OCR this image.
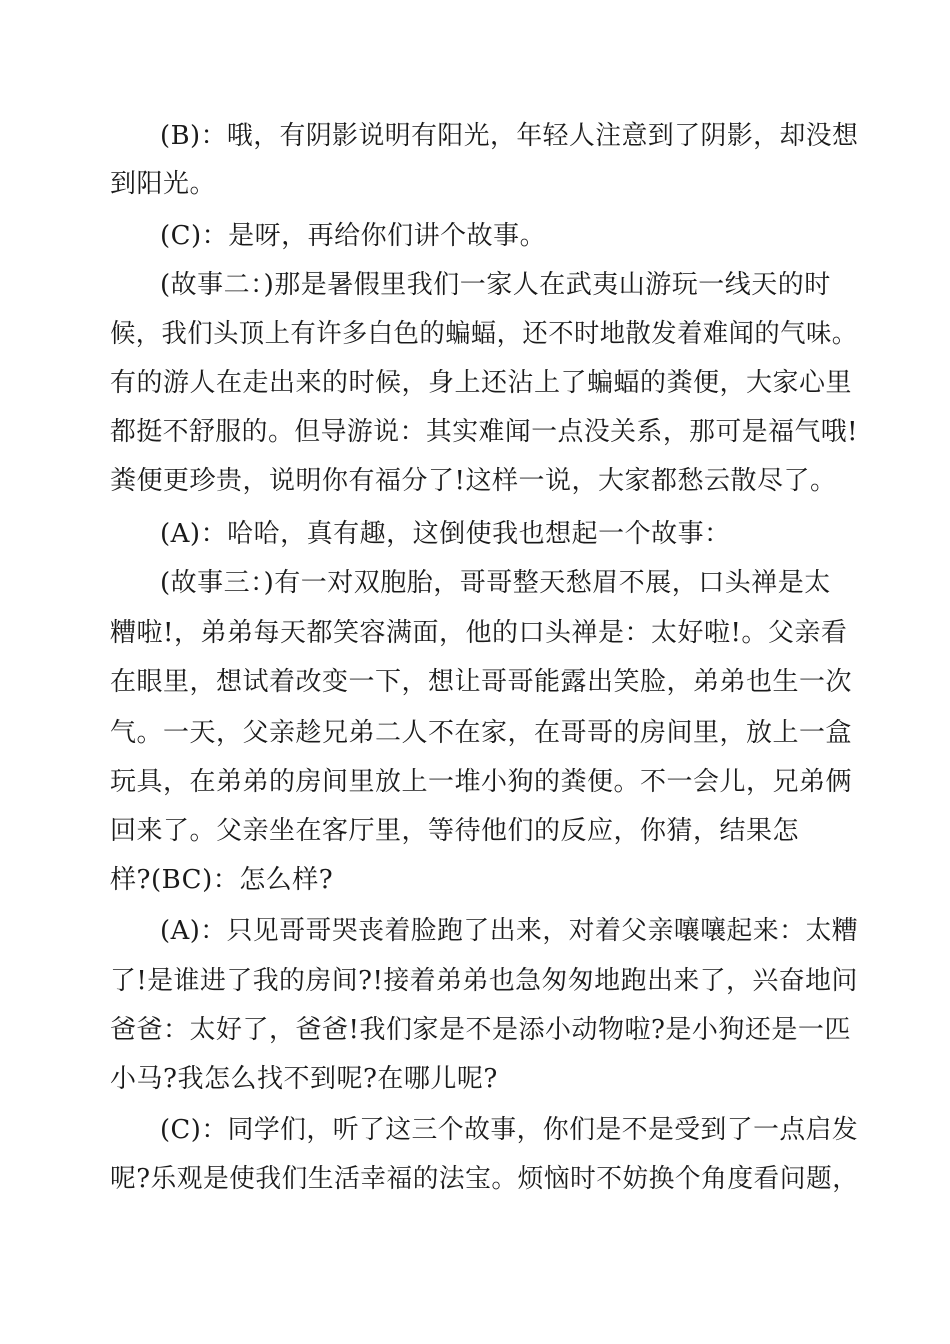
(B)：哦，有阴影说明有阳光，年轻人注意到了阴影，却没想
到阳光。
(C)：是呀，再给你们讲个故事。
(故事二：)那是暑假里我们一家人在武夷山游玩一线天的时
候，我们头顶上有许多白色的蝙蝠，还不时地散发着难闻的气味。
有的游人在走出来的时候，身上还沾上了蝙蝠的粪便，大家心里
都挺不舒服的。但导游说：其实难闻一点没关系，那可是福气哦!
粪便更珍贵，说明你有福分了!这样一说，大家都愁云散尽了。
(A)：哈哈，真有趣，这倒使我也想起一个故事：
(故事三：)有一对双胞胎，哥哥整天愁眉不展，口头禅是太
糟啦!，弟弟每天都笑容满面，他的口头禅是：太好啦!。父亲看
在眼里，想试着改变一下，想让哥哥能露出笑脸，弟弟也生一次
气。一天，父亲趁兄弟二人不在家，在哥哥的房间里，放上一盒
玩具，在弟弟的房间里放上一堆小狗的粪便。不一会儿，兄弟俩
回来了。父亲坐在客厅里，等待他们的反应，你猜，结果怎
样?(BC)：怎么样?
(A)：只见哥哥哭丧着脸跑了出来，对着父亲嚷嚷起来：太糟
了!是谁进了我的房间?!接着弟弟也急匆匆地跑出来了，兴奋地问
爸爸：太好了，爸爸!我们家是不是添小动物啦?是小狗还是一匹
小马?我怎么找不到呢?在哪儿呢?
(C)：同学们，听了这三个故事，你们是不是受到了一点启发
呢?乐观是使我们生活幸福的法宝。烦恼时不妨换个角度看问题，
